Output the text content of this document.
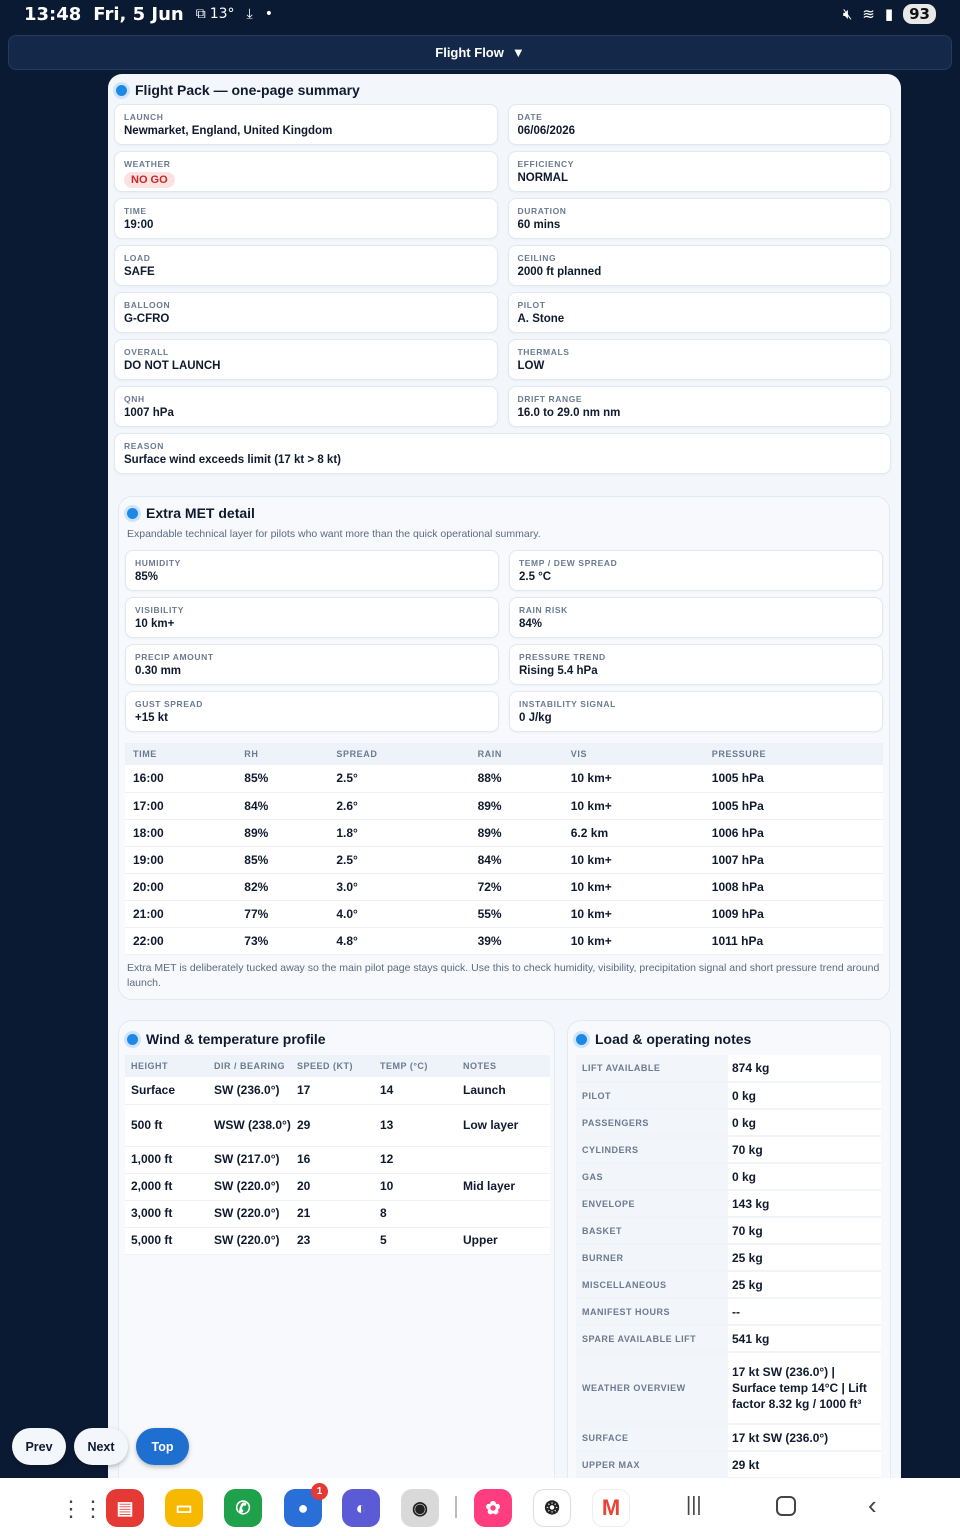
13:48 Fri, 5 Jun ⧉ 13° ⤓ •	🔇︎ ≋ ▮	93
Flight Flow ▼
Flight Pack — one-page summary
LAUNCH
Newmarket, England, United Kingdom
DATE
06/06/2026
WEATHER
NO GO
EFFICIENCY
NORMAL
TIME
19:00
DURATION
60 mins
LOAD
SAFE
CEILING
2000 ft planned
BALLOON
G-CFRO
PILOT
A. Stone
OVERALL
DO NOT LAUNCH
THERMALS
LOW
QNH
1007 hPa
DRIFT RANGE
16.0 to 29.0 nm nm
REASON
Surface wind exceeds limit (17 kt > 8 kt)
Extra MET detail
Expandable technical layer for pilots who want more than the quick operational summary.
HUMIDITY
85%
TEMP / DEW SPREAD
2.5 °C
VISIBILITY
10 km+
RAIN RISK
84%
PRECIP AMOUNT
0.30 mm
PRESSURE TREND
Rising 5.4 hPa
GUST SPREAD
+15 kt
INSTABILITY SIGNAL
0 J/kg
TIME	RH	SPREAD	RAIN	VIS	PRESSURE
16:00	85%	2.5°	88%	10 km+	1005 hPa
17:00	84%	2.6°	89%	10 km+	1005 hPa
18:00	89%	1.8°	89%	6.2 km	1006 hPa
19:00	85%	2.5°	84%	10 km+	1007 hPa
20:00	82%	3.0°	72%	10 km+	1008 hPa
21:00	77%	4.0°	55%	10 km+	1009 hPa
22:00	73%	4.8°	39%	10 km+	1011 hPa
Extra MET is deliberately tucked away so the main pilot page stays quick. Use this to check humidity, visibility, precipitation signal and short pressure trend around launch.
Wind & temperature profile
HEIGHT	DIR / BEARING	SPEED (KT)	TEMP (°C)	NOTES
Surface	SW (236.0°)	17	14	Launch
500 ft	WSW (238.0°)	29	13	Low layer
1,000 ft	SW (217.0°)	16	12	
2,000 ft	SW (220.0°)	20	10	Mid layer
3,000 ft	SW (220.0°)	21	8	
5,000 ft	SW (220.0°)	23	5	Upper
Load & operating notes
LIFT AVAILABLE	874 kg
PILOT	0 kg
PASSENGERS	0 kg
CYLINDERS	70 kg
GAS	0 kg
ENVELOPE	143 kg
BASKET	70 kg
BURNER	25 kg
MISCELLANEOUS	25 kg
MANIFEST HOURS	--
SPARE AVAILABLE LIFT	541 kg
WEATHER OVERVIEW	17 kt SW (236.0°) | Surface temp 14°C | Lift factor 8.32 kg / 1000 ft³
SURFACE	17 kt SW (236.0°)
UPPER MAX	29 kt
Prev	Next	Top
⋮⋮ ▤	▭	✆	●
1
◐	◉	✿	❂	M	|||	‹
